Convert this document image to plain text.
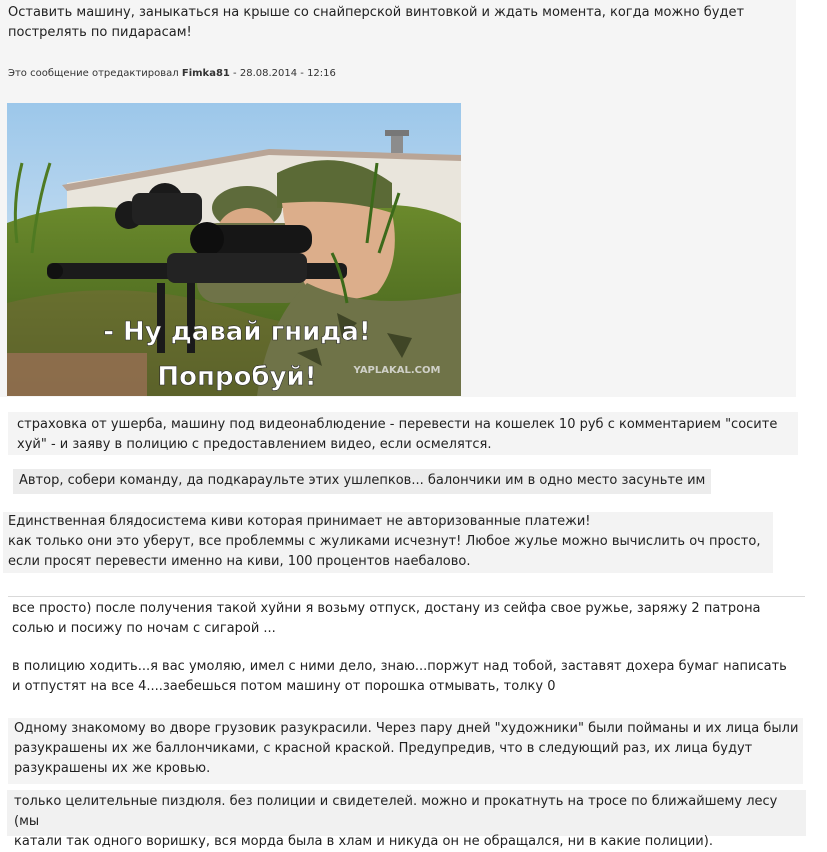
Оставить машину, заныкаться на крыше со снайперской винтовкой и ждать момента, когда можно будет
пострелять по пидарасам!
Это сообщение отредактировал Fimka81 - 28.08.2014 - 12:16
- Ну давай гнида!
Попробуй!	YAPLAKAL.COM
страховка от ушерба, машину под видеонаблюдение - перевести на кошелек 10 руб с комментарием "сосите
хуй" - и заяву в полицию с предоставлением видео, если осмелятся.
Автор, собери команду, да подкараульте этих ушлепков... балончики им в одно место засуньте им
Единственная блядосистема киви которая принимает не авторизованные платежи!
как только они это уберут, все проблеммы с жуликами исчезнут! Любое жулье можно вычислить оч просто,
если просят перевести именно на киви, 100 процентов наебалово.
все просто) после получения такой хуйни я возьму отпуск, достану из сейфа свое ружье, заряжу 2 патрона
солью и посижу по ночам с сигарой ...
в полицию ходить...я вас умоляю, имел с ними дело, знаю...поржут над тобой, заставят дохера бумаг написать
и отпустят на все 4....заебешься потом машину от порошка отмывать, толку 0
Одному знакомому во дворе грузовик разукрасили. Через пару дней "художники" были пойманы и их лица были
разукрашены их же баллончиками, с красной краской. Предупредив, что в следующий раз, их лица будут
разукрашены их же кровью.
только целительные пиздюля. без полиции и свидетелей. можно и прокатнуть на тросе по ближайшему лесу (мы
катали так одного воришку, вся морда была в хлам и никуда он не обращался, ни в какие полиции).
